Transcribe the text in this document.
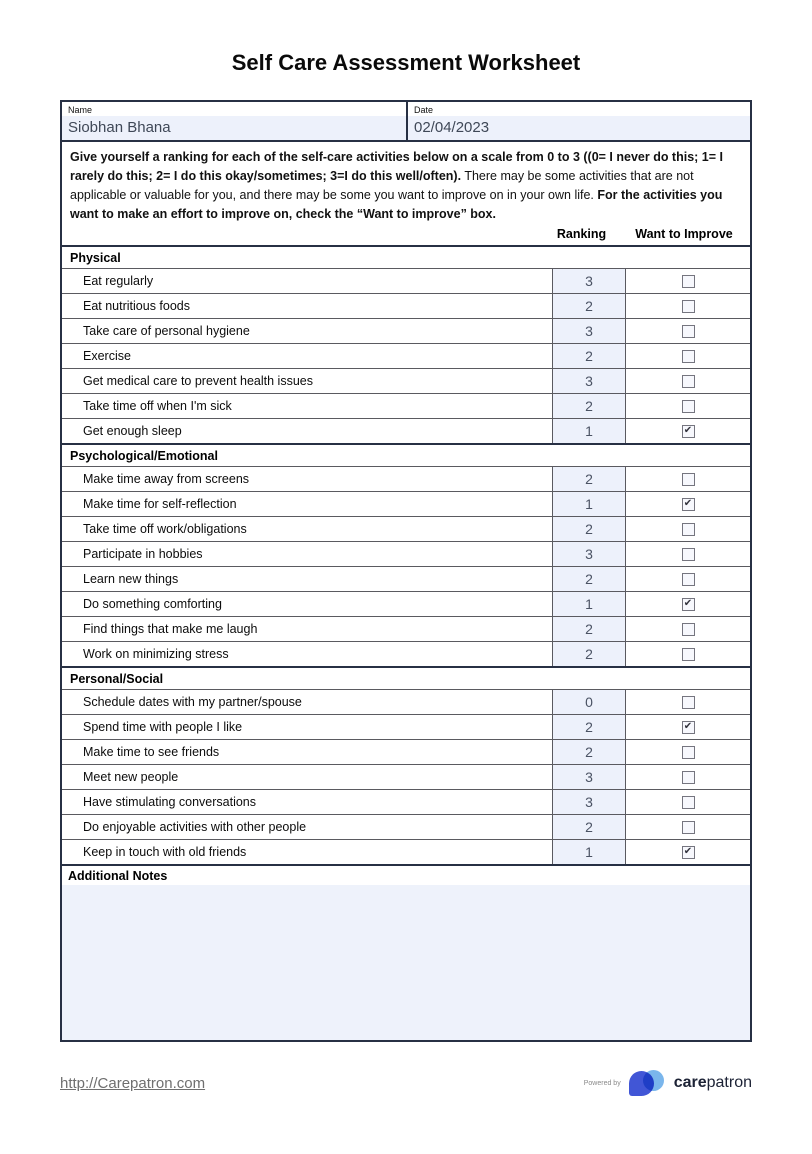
Self Care Assessment Worksheet
Name
Siobhan Bhana
Date
02/04/2023

Give yourself a ranking for each of the self-care activities below on a scale from 0 to 3 ((0= I never do this; 1= I rarely do this; 2= I do this okay/sometimes; 3=I do this well/often). There may be some activities that are not applicable or valuable for you, and there may be some you want to improve on in your own life. For the activities you want to make an effort to improve on, check the “Want to improve” box.

Ranking	Want to Improve
Physical
Eat regularly	3
Eat nutritious foods	2
Take care of personal hygiene	3
Exercise	2
Get medical care to prevent health issues	3
Take time off when I'm sick	2
Get enough sleep	1	✔
Psychological/Emotional
Make time away from screens	2
Make time for self-reflection	1	✔
Take time off work/obligations	2
Participate in hobbies	3
Learn new things	2
Do something comforting	1	✔
Find things that make me laugh	2
Work on minimizing stress	2
Personal/Social
Schedule dates with my partner/spouse	0
Spend time with people I like	2	✔
Make time to see friends	2
Meet new people	3
Have stimulating conversations	3
Do enjoyable activities with other people	2
Keep in touch with old friends	1	✔
Additional Notes
http://Carepatron.com	Powered by	carepatron
